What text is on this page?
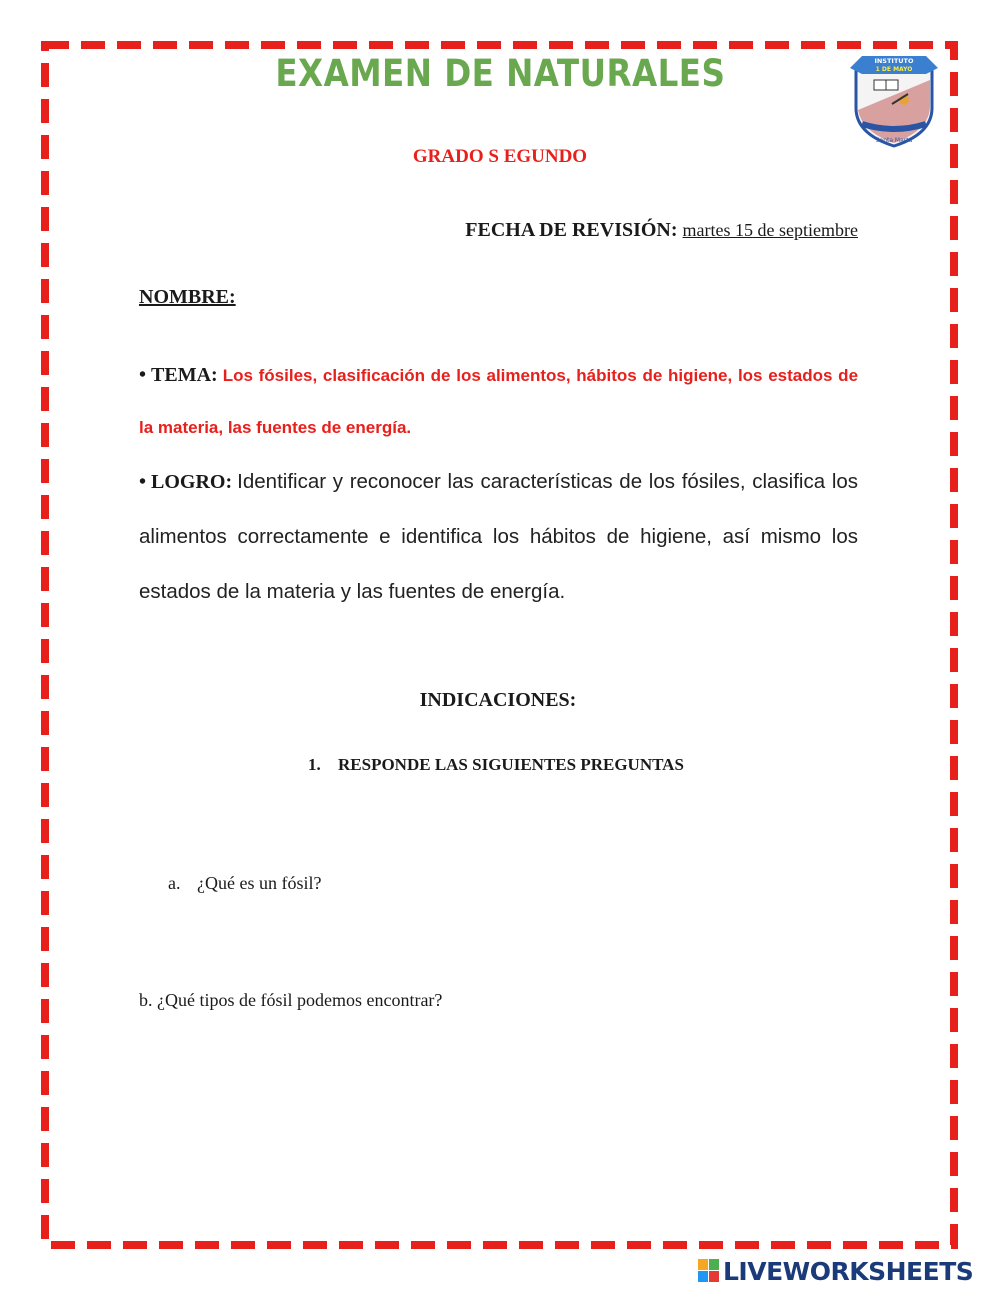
EXAMEN DE NATURALES	INSTITUTO
1 DE MAYO
Santa Marta
GRADO S EGUNDO
FECHA DE REVISIÓN: martes 15 de septiembre
NOMBRE:
• TEMA: Los fósiles, clasificación de los alimentos, hábitos de higiene, los estados de la materia, las fuentes de energía.
• LOGRO: Identificar y reconocer las características de los fósiles, clasifica los alimentos correctamente e identifica los hábitos de higiene, así mismo los estados de la materia y las fuentes de energía.
INDICACIONES:
1. RESPONDE LAS SIGUIENTES PREGUNTAS
a. ¿Qué es un fósil?
b. ¿Qué tipos de fósil podemos encontrar?
LIVEWORKSHEETS
